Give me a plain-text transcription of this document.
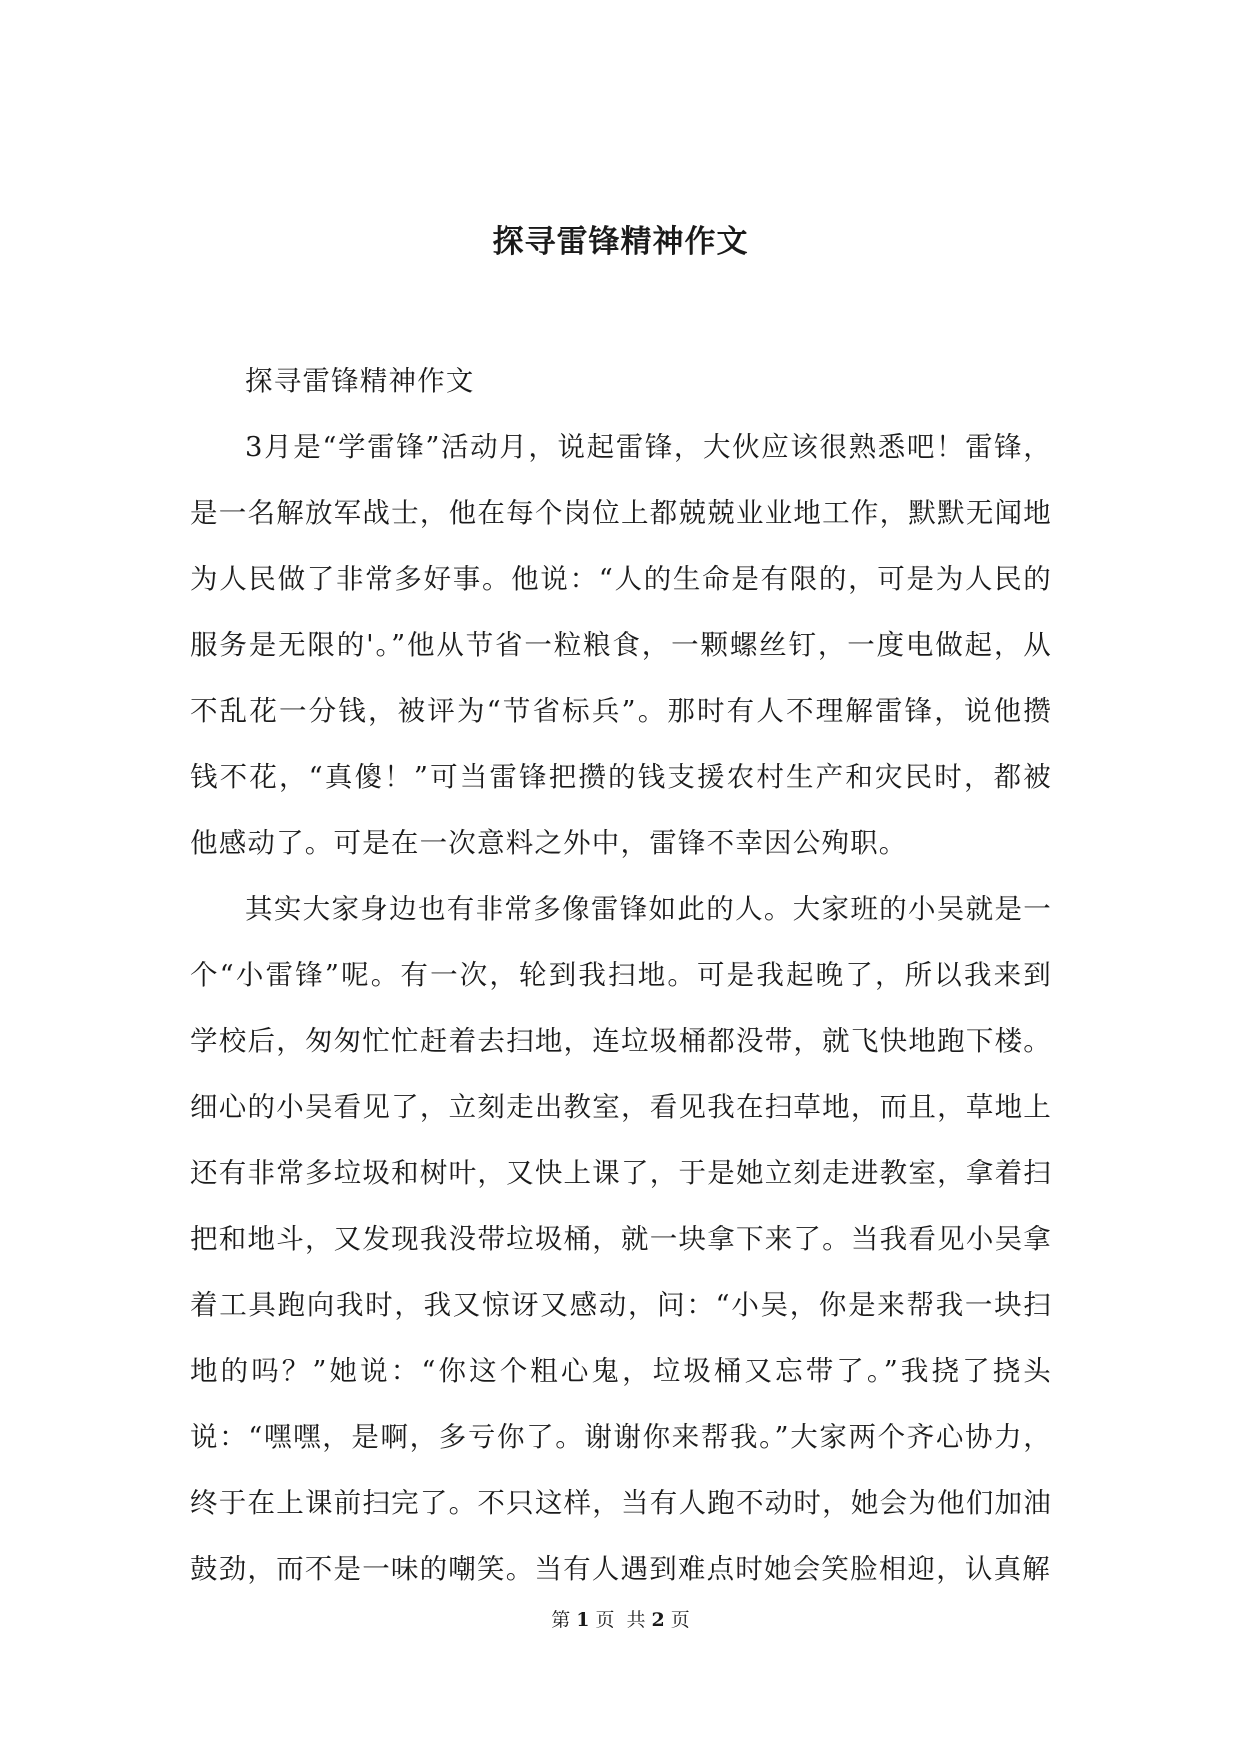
探寻雷锋精神作文

探寻雷锋精神作文

3月是“学雷锋”活动月，说起雷锋，大伙应该很熟悉吧！雷锋，是一名解放军战士，他在每个岗位上都兢兢业业地工作，默默无闻地为人民做了非常多好事。他说：“人的生命是有限的，可是为人民的服务是无限的'。”他从节省一粒粮食，一颗螺丝钉，一度电做起，从不乱花一分钱，被评为“节省标兵”。那时有人不理解雷锋，说他攒钱不花，“真傻！”可当雷锋把攒的钱支援农村生产和灾民时，都被他感动了。可是在一次意料之外中，雷锋不幸因公殉职。

其实大家身边也有非常多像雷锋如此的人。大家班的小吴就是一个“小雷锋”呢。有一次，轮到我扫地。可是我起晚了，所以我来到学校后，匆匆忙忙赶着去扫地，连垃圾桶都没带，就飞快地跑下楼。细心的小吴看见了，立刻走出教室，看见我在扫草地，而且，草地上还有非常多垃圾和树叶，又快上课了，于是她立刻走进教室，拿着扫把和地斗，又发现我没带垃圾桶，就一块拿下来了。当我看见小吴拿着工具跑向我时，我又惊讶又感动，问：“小吴，你是来帮我一块扫地的吗？”她说：“你这个粗心鬼，垃圾桶又忘带了。”我挠了挠头说：“嘿嘿，是啊，多亏你了。谢谢你来帮我。”大家两个齐心协力，终于在上课前扫完了。不只这样，当有人跑不动时，她会为他们加油鼓劲，而不是一味的嘲笑。当有人遇到难点时她会笑脸相迎，认真解

第 1 页 共 2 页
